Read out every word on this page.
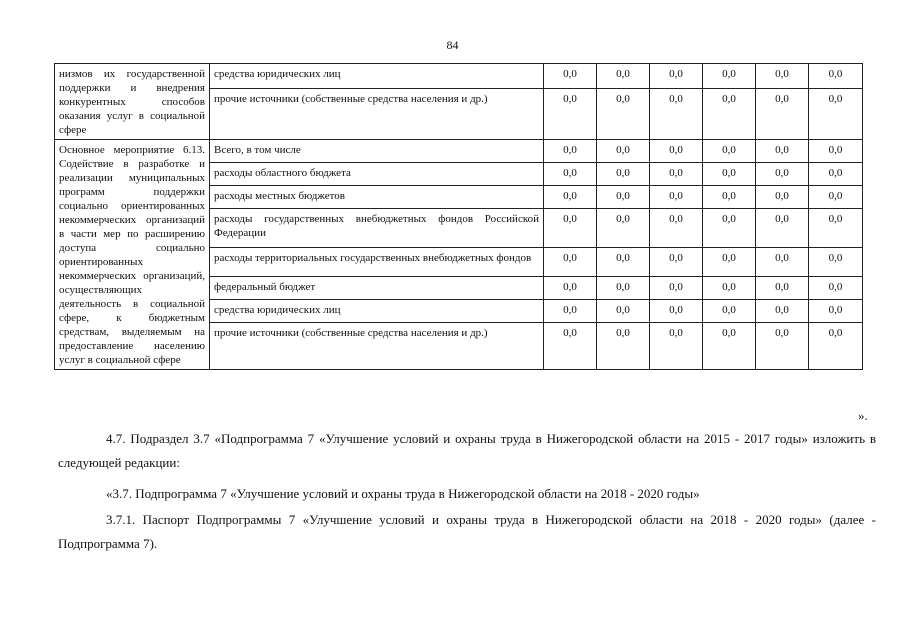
84
низмов их государственной поддержки и внедрения конкурентных способов оказания услуг в социальной сфере	средства юридических лиц	0,0	0,0	0,0	0,0	0,0	0,0
	прочие источники (собственные средства населения и др.)	0,0	0,0	0,0	0,0	0,0	0,0
Основное мероприятие 6.13. Содействие в разработке и реализации муниципальных программ поддержки социально ориентированных некоммерческих организаций в части мер по расширению доступа социально ориентированных некоммерческих организаций, осуществляющих деятельность в социальной сфере, к бюджетным средствам, выделяемым на предоставление населению услуг в социальной сфере	Всего, в том числе	0,0	0,0	0,0	0,0	0,0	0,0
	расходы областного бюджета	0,0	0,0	0,0	0,0	0,0	0,0
	расходы местных бюджетов	0,0	0,0	0,0	0,0	0,0	0,0
	расходы государственных внебюджетных фондов Российской Федерации	0,0	0,0	0,0	0,0	0,0	0,0
	расходы территориальных государственных внебюджетных фондов	0,0	0,0	0,0	0,0	0,0	0,0
	федеральный бюджет	0,0	0,0	0,0	0,0	0,0	0,0
	средства юридических лиц	0,0	0,0	0,0	0,0	0,0	0,0
	прочие источники (собственные средства населения и др.)	0,0	0,0	0,0	0,0	0,0	0,0
».
4.7. Подраздел 3.7 «Подпрограмма 7 «Улучшение условий и охраны труда в Нижегородской области на 2015 - 2017 годы» изложить в следующей редакции:
«3.7. Подпрограмма 7 «Улучшение условий и охраны труда в Нижегородской области на 2018 - 2020 годы»
3.7.1. Паспорт Подпрограммы 7 «Улучшение условий и охраны труда в Нижегородской области на 2018 - 2020 годы» (далее - Подпрограмма 7).
